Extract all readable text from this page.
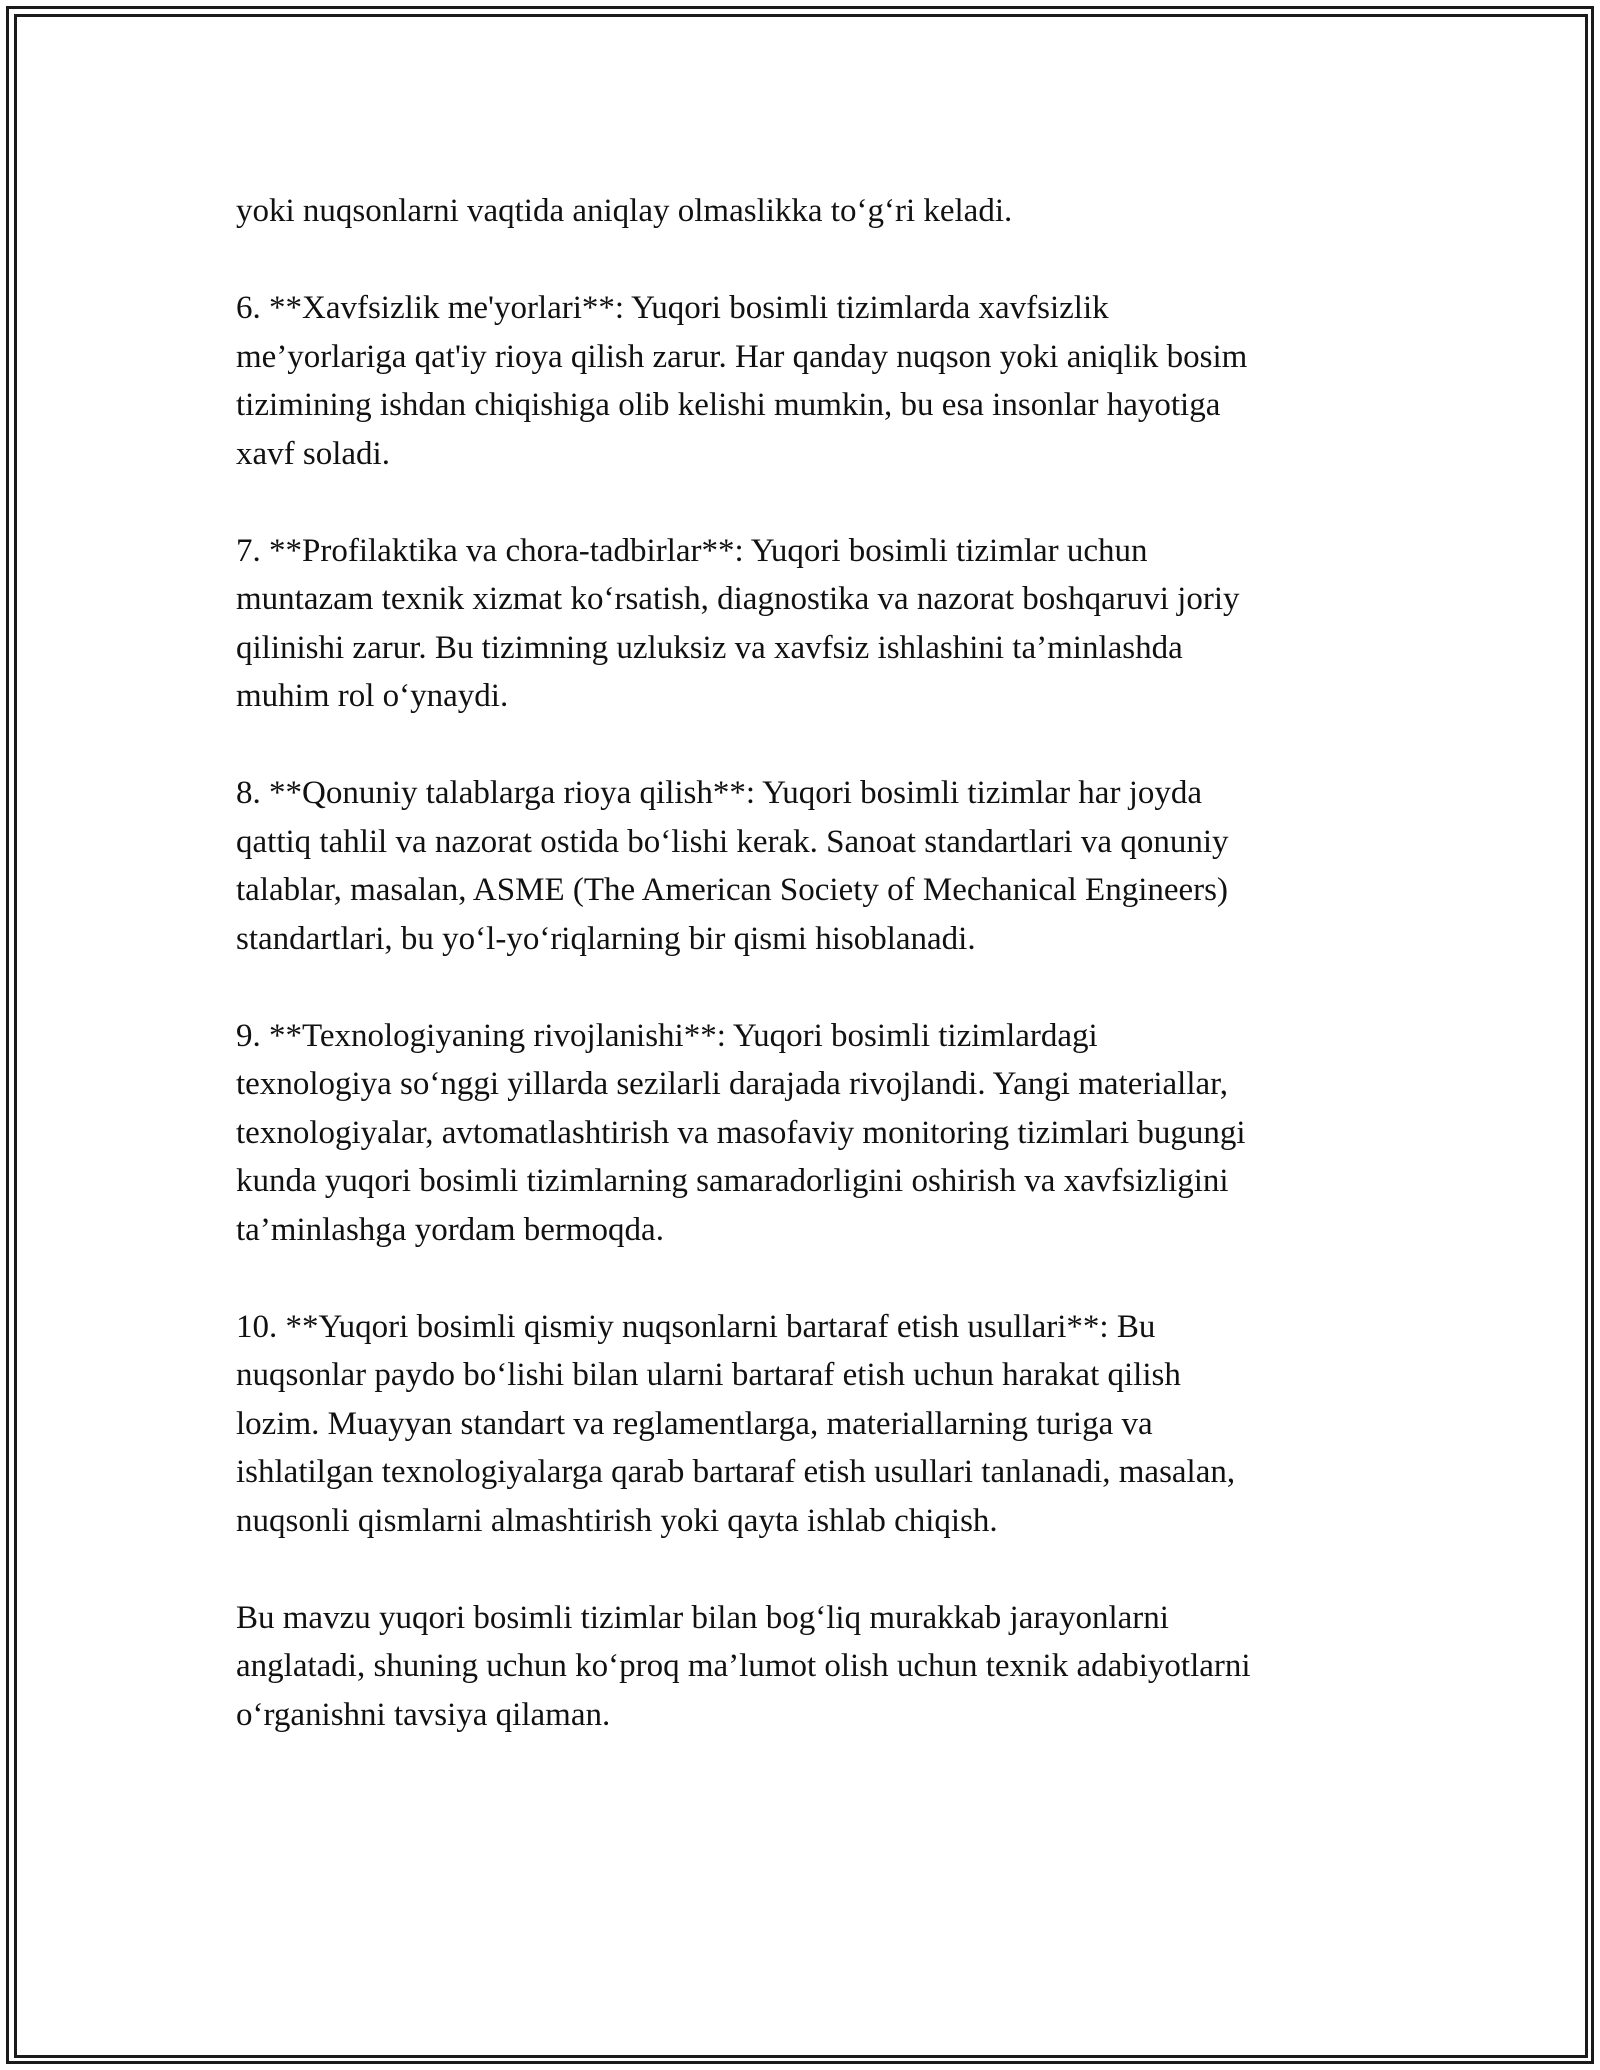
yoki nuqsonlarni vaqtida aniqlay olmaslikka to‘g‘ri keladi.

6. **Xavfsizlik me'yorlari**: Yuqori bosimli tizimlarda xavfsizlik
me’yorlariga qat'iy rioya qilish zarur. Har qanday nuqson yoki aniqlik bosim
tizimining ishdan chiqishiga olib kelishi mumkin, bu esa insonlar hayotiga
xavf soladi.

7. **Profilaktika va chora-tadbirlar**: Yuqori bosimli tizimlar uchun
muntazam texnik xizmat ko‘rsatish, diagnostika va nazorat boshqaruvi joriy
qilinishi zarur. Bu tizimning uzluksiz va xavfsiz ishlashini ta’minlashda
muhim rol o‘ynaydi.

8. **Qonuniy talablarga rioya qilish**: Yuqori bosimli tizimlar har joyda
qattiq tahlil va nazorat ostida bo‘lishi kerak. Sanoat standartlari va qonuniy
talablar, masalan, ASME (The American Society of Mechanical Engineers)
standartlari, bu yo‘l-yo‘riqlarning bir qismi hisoblanadi.

9. **Texnologiyaning rivojlanishi**: Yuqori bosimli tizimlardagi
texnologiya so‘nggi yillarda sezilarli darajada rivojlandi. Yangi materiallar,
texnologiyalar, avtomatlashtirish va masofaviy monitoring tizimlari bugungi
kunda yuqori bosimli tizimlarning samaradorligini oshirish va xavfsizligini
ta’minlashga yordam bermoqda.

10. **Yuqori bosimli qismiy nuqsonlarni bartaraf etish usullari**: Bu
nuqsonlar paydo bo‘lishi bilan ularni bartaraf etish uchun harakat qilish
lozim. Muayyan standart va reglamentlarga, materiallarning turiga va
ishlatilgan texnologiyalarga qarab bartaraf etish usullari tanlanadi, masalan,
nuqsonli qismlarni almashtirish yoki qayta ishlab chiqish.

Bu mavzu yuqori bosimli tizimlar bilan bog‘liq murakkab jarayonlarni
anglatadi, shuning uchun ko‘proq ma’lumot olish uchun texnik adabiyotlarni
o‘rganishni tavsiya qilaman.
